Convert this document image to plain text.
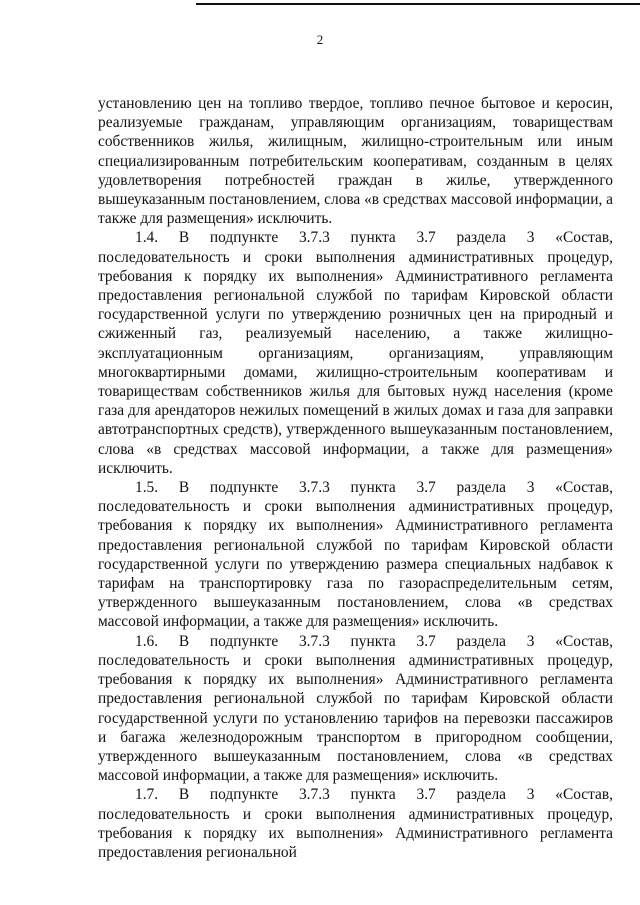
2

установлению цен на топливо твердое, топливо печное бытовое и керосин, реализуемые гражданам, управляющим организациям, товариществам собственников жилья, жилищным, жилищно-строительным или иным специализированным потребительским кооперативам, созданным в целях удовлетворения потребностей граждан в жилье, утвержденного вышеуказанным постановлением, слова «в средствах массовой информации, а также для размещения» исключить.

1.4. В подпункте 3.7.3 пункта 3.7 раздела 3 «Состав, последовательность и сроки выполнения административных процедур, требования к порядку их выполнения» Административного регламента предоставления региональной службой по тарифам Кировской области государственной услуги по утверждению розничных цен на природный и сжиженный газ, реализуемый населению, а также жилищно-эксплуатационным организациям, организациям, управляющим многоквартирными домами, жилищно-строительным кооперативам и товариществам собственников жилья для бытовых нужд населения (кроме газа для арендаторов нежилых помещений в жилых домах и газа для заправки автотранспортных средств), утвержденного вышеуказанным постановлением, слова «в средствах массовой информации, а также для размещения» исключить.

1.5. В подпункте 3.7.3 пункта 3.7 раздела 3 «Состав, последовательность и сроки выполнения административных процедур, требования к порядку их выполнения» Административного регламента предоставления региональной службой по тарифам Кировской области государственной услуги по утверждению размера специальных надбавок к тарифам на транспортировку газа по газораспределительным сетям, утвержденного вышеуказанным постановлением, слова «в средствах массовой информации, а также для размещения» исключить.

1.6. В подпункте 3.7.3 пункта 3.7 раздела 3 «Состав, последовательность и сроки выполнения административных процедур, требования к порядку их выполнения» Административного регламента предоставления региональной службой по тарифам Кировской области государственной услуги по установлению тарифов на перевозки пассажиров и багажа железнодорожным транспортом в пригородном сообщении, утвержденного вышеуказанным постановлением, слова «в средствах массовой информации, а также для размещения» исключить.

1.7. В подпункте 3.7.3 пункта 3.7 раздела 3 «Состав, последовательность и сроки выполнения административных процедур, требования к порядку их выполнения» Административного регламента предоставления региональной
